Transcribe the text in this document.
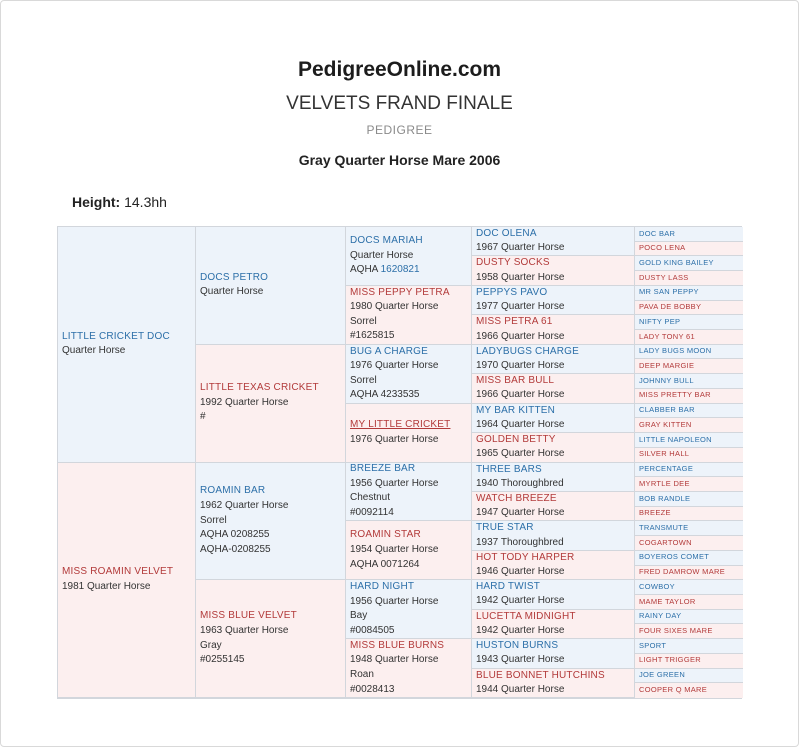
PedigreeOnline.com
VELVETS FRAND FINALE
PEDIGREE
Gray Quarter Horse Mare 2006
Height: 14.3hh
LITTLE CRICKET DOC
Quarter Horse
MISS ROAMIN VELVET
1981 Quarter Horse
DOCS PETRO
Quarter Horse
LITTLE TEXAS CRICKET
1992 Quarter Horse
#
ROAMIN BAR
1962 Quarter Horse
Sorrel
AQHA 0208255
AQHA-0208255
MISS BLUE VELVET
1963 Quarter Horse
Gray
#0255145
DOCS MARIAH
Quarter Horse
AQHA 1620821
MISS PEPPY PETRA
1980 Quarter Horse
Sorrel
#1625815
BUG A CHARGE
1976 Quarter Horse
Sorrel
AQHA 4233535
MY LITTLE CRICKET
1976 Quarter Horse
BREEZE BAR
1956 Quarter Horse
Chestnut
#0092114
ROAMIN STAR
1954 Quarter Horse
AQHA 0071264
HARD NIGHT
1956 Quarter Horse
Bay
#0084505
MISS BLUE BURNS
1948 Quarter Horse
Roan
#0028413
DOC OLENA
1967 Quarter Horse
DUSTY SOCKS
1958 Quarter Horse
PEPPYS PAVO
1977 Quarter Horse
MISS PETRA 61
1966 Quarter Horse
LADYBUGS CHARGE
1970 Quarter Horse
MISS BAR BULL
1966 Quarter Horse
MY BAR KITTEN
1964 Quarter Horse
GOLDEN BETTY
1965 Quarter Horse
THREE BARS
1940 Thoroughbred
WATCH BREEZE
1947 Quarter Horse
TRUE STAR
1937 Thoroughbred
HOT TODY HARPER
1946 Quarter Horse
HARD TWIST
1942 Quarter Horse
LUCETTA MIDNIGHT
1942 Quarter Horse
HUSTON BURNS
1943 Quarter Horse
BLUE BONNET HUTCHINS
1944 Quarter Horse
DOC BAR
POCO LENA
GOLD KING BAILEY
DUSTY LASS
MR SAN PEPPY
PAVA DE BOBBY
NIFTY PEP
LADY TONY 61
LADY BUGS MOON
DEEP MARGIE
JOHNNY BULL
MISS PRETTY BAR
CLABBER BAR
GRAY KITTEN
LITTLE NAPOLEON
SILVER HALL
PERCENTAGE
MYRTLE DEE
BOB RANDLE
BREEZE
TRANSMUTE
COGARTOWN
BOYEROS COMET
FRED DAMROW MARE
COWBOY
MAME TAYLOR
RAINY DAY
FOUR SIXES MARE
SPORT
LIGHT TRIGGER
JOE GREEN
COOPER Q MARE
